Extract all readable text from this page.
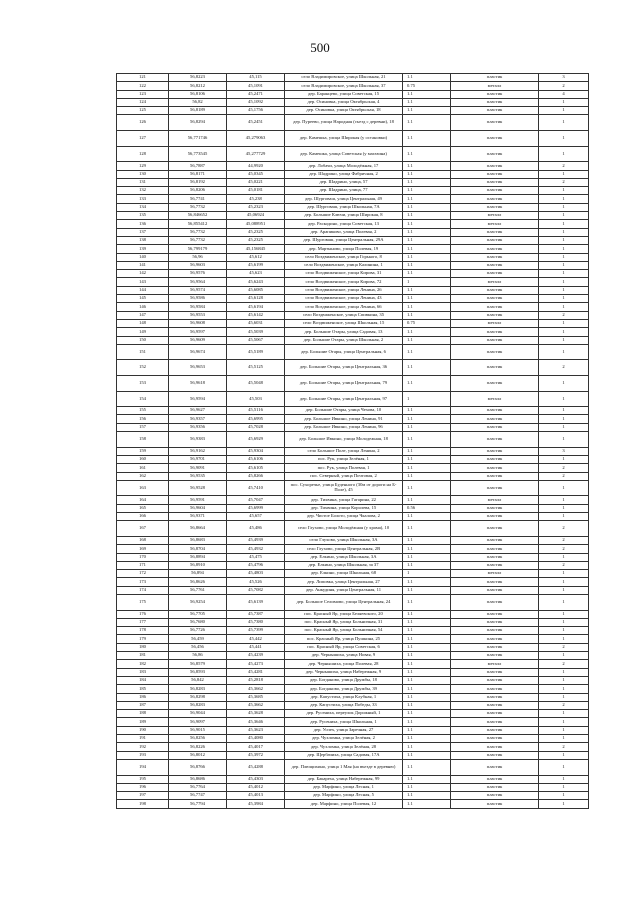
500
121	56,8223	45,115	село Владимировское, улица Школьная, 21	1.1	пластик	3
122	56,8212	45,1091	село Владимировское, улица Школьная, 37	0.75	металл	2
123	56,8106	45,2471	дер. Баранцево, улица Советская, 15	1.1	пластик	4
124	56,82	45,1092	дер. Осиновка, улица Октябрьская, 4	1.1	пластик	1
125	56,8189	45,1756	дер. Осиновка, улица Октябрьская, 18	1.1	пластик	1
126	56,8294	45,2451	дер. Пуреево, улица Народная (съезд с деревни), 18	1.1	пластик	1
127	56,771746	45,279063	дер. Камешка, улица Широкая (у остановки)	1.1	пластик	1
128	56,773545	45,277729	дер. Камешка, улица Советская (у магазина)	1.1	пластик	1
129	56,7887	44,9920	дер. Лобачи, улица Молодёжная, 17	1.1	пластик	2
130	56,8171	45,0345	дер. Шадрино, улица Фабричная, 2	1.1	пластик	1
131	56,8192	45,0221	дер. Шадрино, улица, 57	1.1	пластик	2
132	56,8206	45,0181	дер. Шадрино, улица, 77	1.1	пластик	1
133	56,7741	45,238	дер. Шурговаш, улица Центральная, 49	1.1	пластик	1
134	56,7732	45,2323	дер. Шурговаш, улица Школьная, 7А	1.1	пластик	1
135	56,846652	45,06924	дер. Большие Ключи, улица Широкая, 8	1.1	металл	1
136	56,855412	45,088951	дер. Раскодино, улица Советская, 13	1.1	металл	1
137	56,7732	45,2325	дер. Арапиково, улица Полевая, 2	1.1	пластик	1
138	56,7732	45,2325	дер. Шурговаш, улица Центральная, 29А	1.1	пластик	1
139	56,799179	45,156845	дер. Мартыново, улица Полевая, 19	1.1	пластик	1
140	56,96	45,612	село Воздвиженское, улица Горького, 8	1.1	пластик	1
141	56,9603	45,6199	село Воздвиженское, улица Калинина, 1	1.1	пластик	1
142	56,9576	45,623	село Воздвиженское, улица Кирова, 31	1.1	пластик	1
143	56,9564	45,6243	село Воздвиженское, улица Кирова, 72	1	металл	1
144	56,9574	45,6085	село Воздвиженское, улица Ленина, 26	1.1	пластик	1
145	56,9586	45,6128	село Воздвиженское, улица Ленина, 43	1.1	пластик	1
146	56,9584	45,6194	село Воздвиженское, улица Ленина, 66	1.1	пластик	1
147	56,9553	45,6142	село Воздвиженское, улица Спивкина, 35	1.1	пластик	2
148	56,9608	45,6031	село Воздвиженское, улица Школьная, 15	0.75	металл	1
149	56,9597	45,5039	дер. Большие Отары, улица Садовая, 13	1.1	пластик	1
150	56,9609	45,5067	дер. Большие Отары, улица Школьная, 2	1.1	пластик	1
151	56,9674	45,5189	дер. Большие Отары, улица Центральная, 6	1.1	пластик	1
152	56,9653	45,5125	дер. Большие Отары, улица Центральная, 36	1.1	пластик	2
153	56,9618	45,5048	дер. Большие Отары, улица Центральная, 79	1.1	пластик	1
154	56,9594	45,503	дер. Большие Отары, улица Центральная, 97	1	металл	1
155	56,9627	45,5116	дер. Большие Отары, улица Чехова, 10	1.1	пластик	1
156	56,9357	45,6995	дер. Большое Ивкино, улица Ленина, 91	1.1	пластик	1
157	56,9356	45,7028	дер. Большое Ивкино, улица Ленина, 96	1.1	пластик	1
158	56,9383	45,6929	дер. Большое Ивкино, улица Молодежная, 18	1.1	пластик	1
159	56,9162	45,9304	село Большое Поле, улица Ленина, 2	1.1	пластик	3
160	56,9701	45,6106	пос. Рук, улица Зелёная, 1	1.1	пластик	1
161	56,9091	45,6105	пос. Рук, улица Полевая, 1	1.1	пластик	2
162	56,9535	45,8266	пос. Северный, улица Почтовая, 2	1.1	пластик	2
163	56,9528	45,7410	пос. Сухоречье, улица Буденного (30м от дороги на Б-Поле), 45	1.1	пластик	1
164	56,9591	45,7047	дер. Тихвина, улица Гагарина, 22	1.1	металл	1
165	56,9604	45,6999	дер. Тихвина, улица Королева, 15	0.56	пластик	1
166	56,9371	45,657	дер. Чистое Болото, улица Чкалова, 2	1.1	пластик	1
167	56,8664	45,486	село Глухово, улица Молодёжная (у храма), 10	1.1	пластик	2
168	56,8683	45,4939	село Глухово, улица Школьная, 3А	1.1	пластик	2
169	56,8704	45,4932	село Глухово, улица Центральная, 2В	1.1	пластик	2
170	56,8894	45,475	дер. Елкино, улица Школьная, 3А	1.1	пластик	1
171	56,8910	45,4796	дер. Елкино, улица Школьная, за 37	1.1	пластик	2
172	56,894	45,4803	дер. Елкино, улица Школьная, 68	1	металл	1
173	56,8626	45,526	дер. Липовка, улица Центральная, 27	1.1	пластик	1
174	56,7761	45,7082	дер. Анкудиня, улица Центральная, 11	1.1	пластик	1
175	56,9254	45,6139	дер. Большое Селимово, улица Центральная, 24	1.1	пластик	1
176	56,7705	45,7387	пос. Красный Яр, улица Беляевского, 20	1.1	пластик	1
177	56,7680	45,7380	пос. Красный Яр, улица Больничная, 31	1.1	пластик	1
178	56,7726	45,7399	пос. Красный Яр, улица Больничная, 54	1.1	пластик	1
179	56,459	45,442	пос. Красный Яр, улица Пушкина, 25	1.1	пластик	1
180	56,456	45,441	пос. Красный Яр, улица Советская, 6	1.1	пластик	2
181	56,86	45,4239	дер. Чернышиха, улица Новая, 9	1.1	пластик	1
182	56,8579	45,4273	дер. Чернышиха, улица Полевая, 28	1.1	металл	2
183	56,8593	45,4281	дер. Чернышиха, улица Набережная, 9	1.1	пластик	1
184	56,842	45,2818	дер. Богданово, улица Дружбы, 18	1.1	пластик	1
185	56,8283	45,3662	дер. Богданово, улица Дружбы, 39	1.1	пластик	1
186	56,8298	45,3685	дер. Капустиха, улица Клубная, 1	1.1	пластик	1
187	56,8283	45,3662	дер. Капустиха, улица Победы, 33	1.1	пластик	2
188	56,9044	45,3628	дер. Русениха, переулок Дорожный, 1	1.1	пластик	1
189	56,9097	45,3646	дер. Русениха, улица Школьная, 1	1.1	пластик	1
190	56,9015	45,3623	дер. Успех, улица Заречная, 27	1.1	пластик	1
191	56,8256	45,4080	дер. Чухломка, улица Зелёная, 2	1.1	пластик	1
192	56,8226	45,4017	дер. Чухломка, улица Зелёная, 28	1.1	пластик	2
193	56,8012	45,3972	дер. Щербачиха, улица Садовая, 17А	1.1	пластик	1
194	56,8766	45,4288	дер. Плющихино, улица 1 Мая (на въезде в деревню)	1.1	пластик	1
195	56,8686	45,4303	дер. Бакареха, улица Набережная, 99	1.1	пластик	1
196	56,7764	45,4012	дер. Марфино, улица Лесная, 1	1.1	пластик	1
197	56,7747	45,4013	дер. Марфино, улица Лесная, 5	1.1	пластик	1
198	56,7794	45,3984	дер. Марфино, улица Полевая, 12	1.1	пластик	1
